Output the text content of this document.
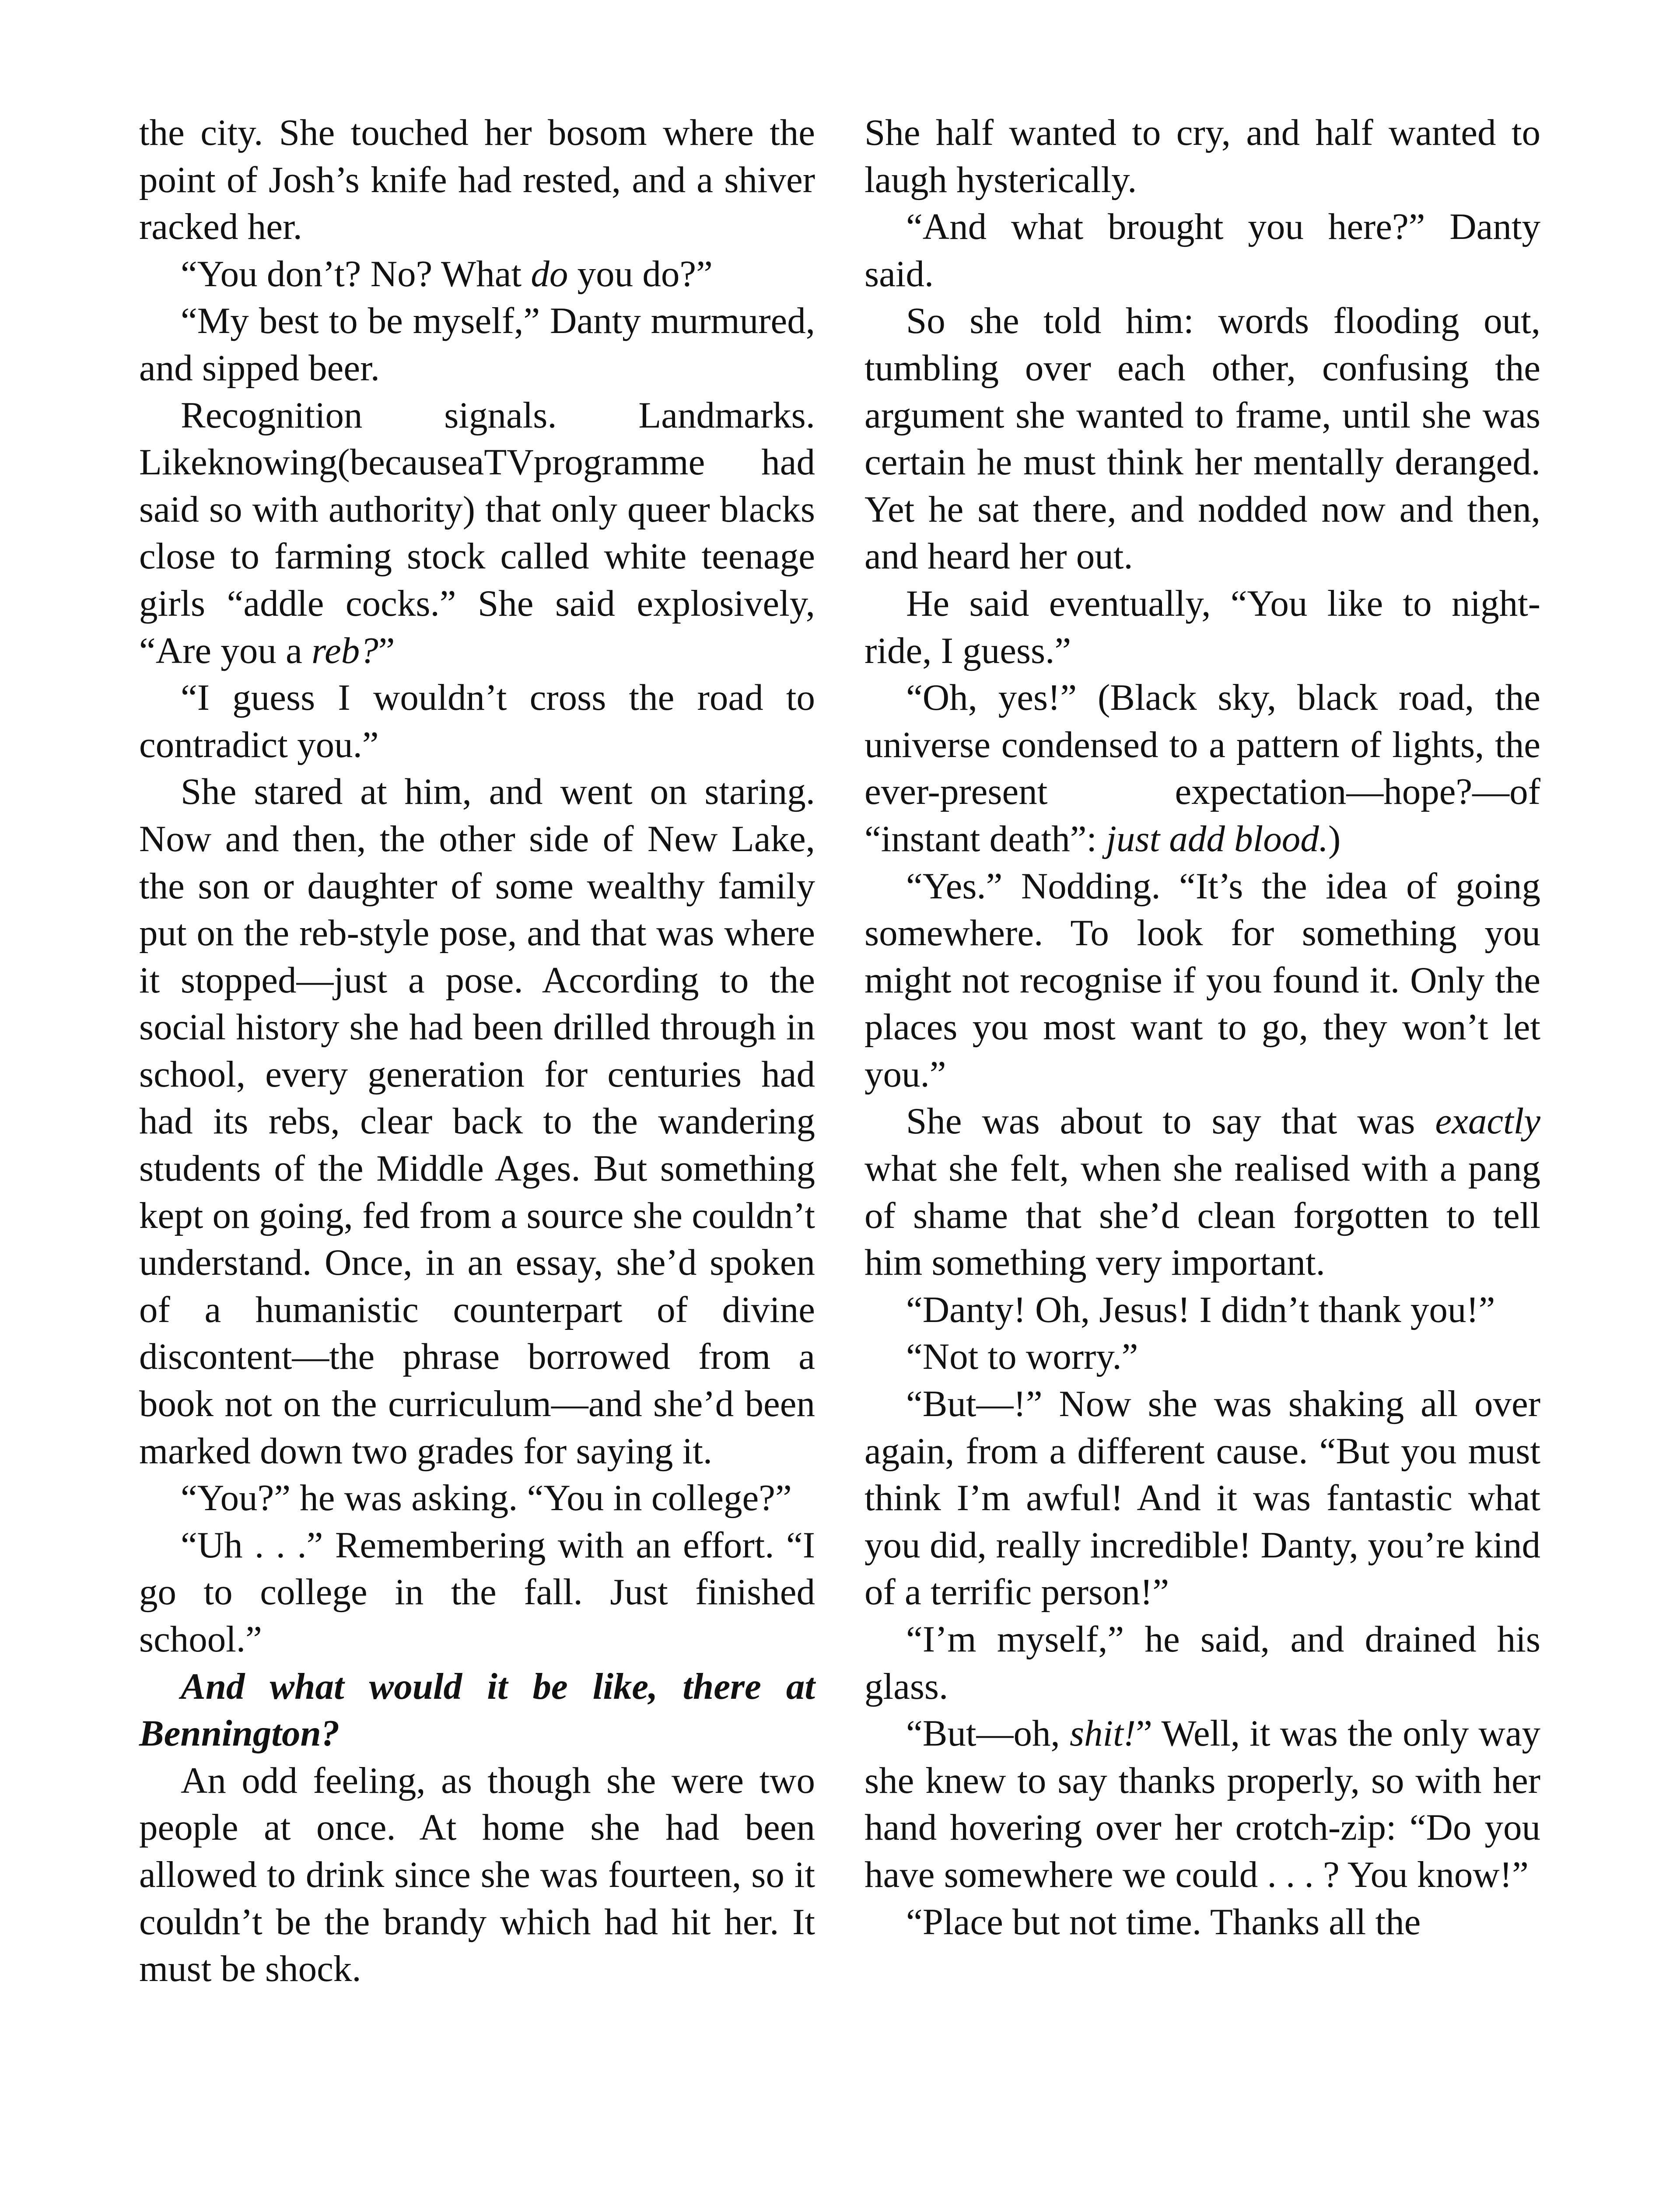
the city. She touched her bosom where the point of Josh’s knife had rested, and a shiver racked her.

“You don’t? No? What do you do?”

“My best to be myself,” Danty murmured, and sipped beer.

Recognition signals. Landmarks. Likeknowing(becauseaTVprogramme had said so with authority) that only queer blacks close to farming stock called white teenage girls “addle cocks.” She said explosively, “Are you a reb?”

“I guess I wouldn’t cross the road to contradict you.”

She stared at him, and went on staring. Now and then, the other side of New Lake, the son or daughter of some wealthy family put on the reb-style pose, and that was where it stopped—just a pose. According to the social history she had been drilled through in school, every generation for centuries had had its rebs, clear back to the wandering students of the Middle Ages. But something kept on going, fed from a source she couldn’t understand. Once, in an essay, she’d spoken of a humanistic counterpart of divine discontent—the phrase borrowed from a book not on the curriculum—and she’d been marked down two grades for saying it.

“You?” he was asking. “You in college?”

“Uh . . .” Remembering with an effort. “I go to college in the fall. Just finished school.”

And what would it be like, there at Bennington?

An odd feeling, as though she were two people at once. At home she had been allowed to drink since she was fourteen, so it couldn’t be the brandy which had hit her. It must be shock.

She half wanted to cry, and half wanted to laugh hysterically.

“And what brought you here?” Danty said.

So she told him: words flooding out, tumbling over each other, confusing the argument she wanted to frame, until she was certain he must think her mentally deranged. Yet he sat there, and nodded now and then, and heard her out.

He said eventually, “You like to night-ride, I guess.”

“Oh, yes!” (Black sky, black road, the universe condensed to a pattern of lights, the ever-present expectation—hope?—of “instant death”: just add blood.)

“Yes.” Nodding. “It’s the idea of going somewhere. To look for something you might not recognise if you found it. Only the places you most want to go, they won’t let you.”

She was about to say that was exactly what she felt, when she realised with a pang of shame that she’d clean forgotten to tell him something very important.

“Danty! Oh, Jesus! I didn’t thank you!”

“Not to worry.”

“But—!” Now she was shaking all over again, from a different cause. “But you must think I’m awful! And it was fantastic what you did, really incredible! Danty, you’re kind of a terrific person!”

“I’m myself,” he said, and drained his glass.

“But—oh, shit!” Well, it was the only way she knew to say thanks properly, so with her hand hovering over her crotch-zip: “Do you have somewhere we could . . . ? You know!”

“Place but not time. Thanks all the
